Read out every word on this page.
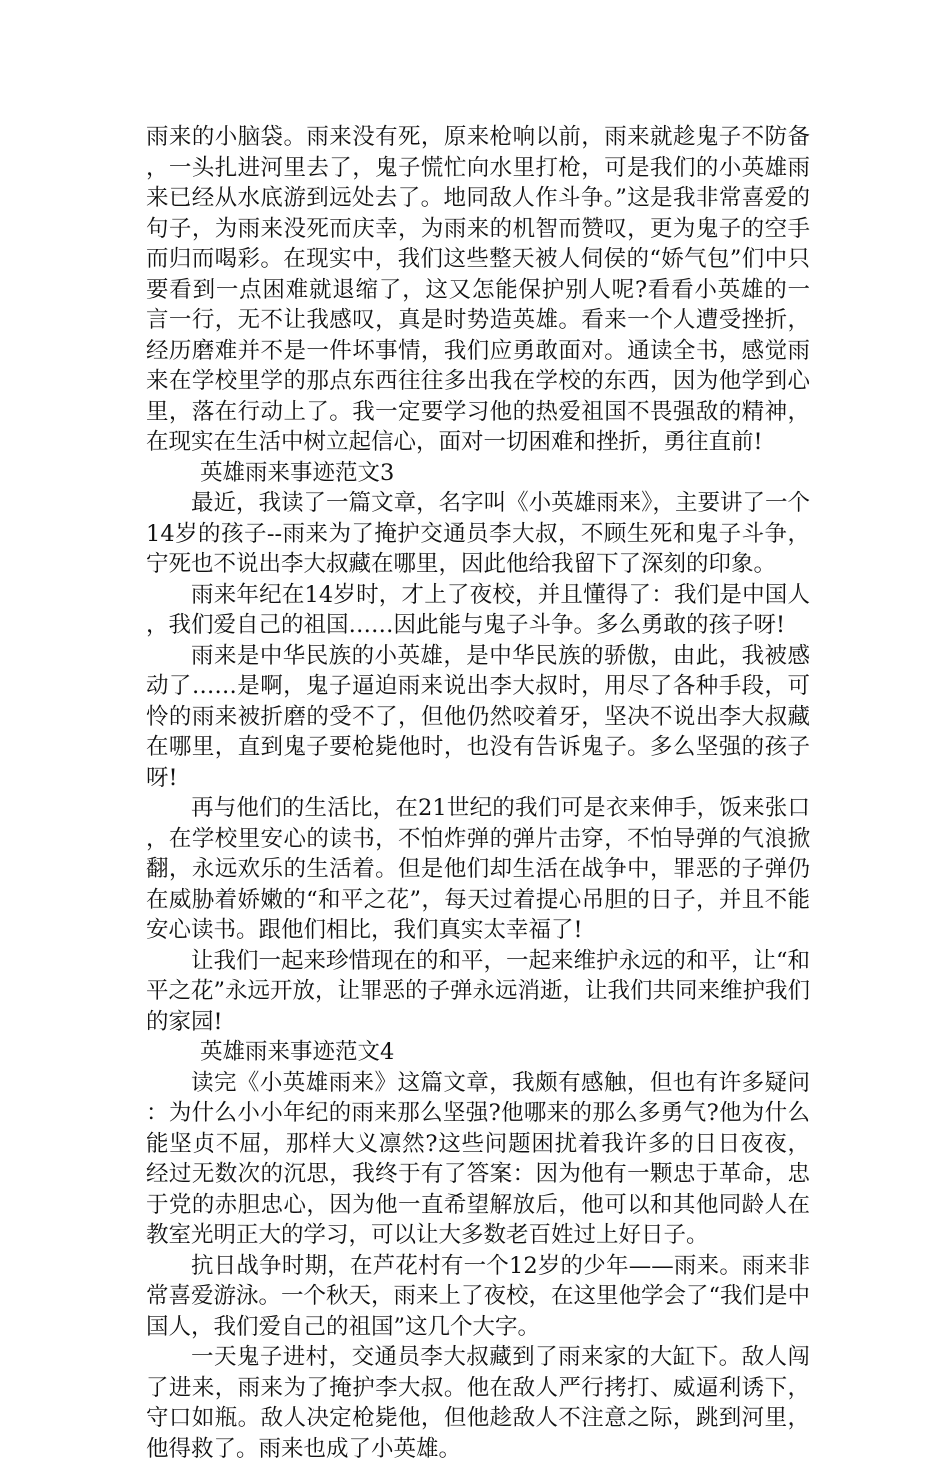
雨来的小脑袋。雨来没有死，原来枪响以前，雨来就趁鬼子不防备，一头扎进河里去了，鬼子慌忙向水里打枪，可是我们的小英雄雨来已经从水底游到远处去了。地同敌人作斗争。”这是我非常喜爱的句子，为雨来没死而庆幸，为雨来的机智而赞叹，更为鬼子的空手而归而喝彩。在现实中，我们这些整天被人伺侯的“娇气包”们中只要看到一点困难就退缩了，这又怎能保护别人呢?看看小英雄的一言一行，无不让我感叹，真是时势造英雄。看来一个人遭受挫折，经历磨难并不是一件坏事情，我们应勇敢面对。通读全书，感觉雨来在学校里学的那点东西往往多出我在学校的东西，因为他学到心里，落在行动上了。我一定要学习他的热爱祖国不畏强敌的精神，在现实在生活中树立起信心，面对一切困难和挫折，勇往直前!

英雄雨来事迹范文3

最近，我读了一篇文章，名字叫《小英雄雨来》，主要讲了一个14岁的孩子--雨来为了掩护交通员李大叔，不顾生死和鬼子斗争，宁死也不说出李大叔藏在哪里，因此他给我留下了深刻的印象。

雨来年纪在14岁时，才上了夜校，并且懂得了：我们是中国人，我们爱自己的祖国……因此能与鬼子斗争。多么勇敢的孩子呀!

雨来是中华民族的小英雄，是中华民族的骄傲，由此，我被感动了……是啊，鬼子逼迫雨来说出李大叔时，用尽了各种手段，可怜的雨来被折磨的受不了，但他仍然咬着牙，坚决不说出李大叔藏在哪里，直到鬼子要枪毙他时，也没有告诉鬼子。多么坚强的孩子呀!

再与他们的生活比，在21世纪的我们可是衣来伸手，饭来张口，在学校里安心的读书，不怕炸弹的弹片击穿，不怕导弹的气浪掀翻，永远欢乐的生活着。但是他们却生活在战争中，罪恶的子弹仍在威胁着娇嫩的“和平之花”，每天过着提心吊胆的日子，并且不能安心读书。跟他们相比，我们真实太幸福了!

让我们一起来珍惜现在的和平，一起来维护永远的和平，让“和平之花”永远开放，让罪恶的子弹永远消逝，让我们共同来维护我们的家园!

英雄雨来事迹范文4

读完《小英雄雨来》这篇文章，我颇有感触，但也有许多疑问：为什么小小年纪的雨来那么坚强?他哪来的那么多勇气?他为什么能坚贞不屈，那样大义凛然?这些问题困扰着我许多的日日夜夜，经过无数次的沉思，我终于有了答案：因为他有一颗忠于革命，忠于党的赤胆忠心，因为他一直希望解放后，他可以和其他同龄人在教室光明正大的学习，可以让大多数老百姓过上好日子。

抗日战争时期，在芦花村有一个12岁的少年——雨来。雨来非常喜爱游泳。一个秋天，雨来上了夜校，在这里他学会了“我们是中国人，我们爱自己的祖国”这几个大字。

一天鬼子进村，交通员李大叔藏到了雨来家的大缸下。敌人闯了进来，雨来为了掩护李大叔。他在敌人严行拷打、威逼利诱下，守口如瓶。敌人决定枪毙他，但他趁敌人不注意之际，跳到河里，他得救了。雨来也成了小英雄。
